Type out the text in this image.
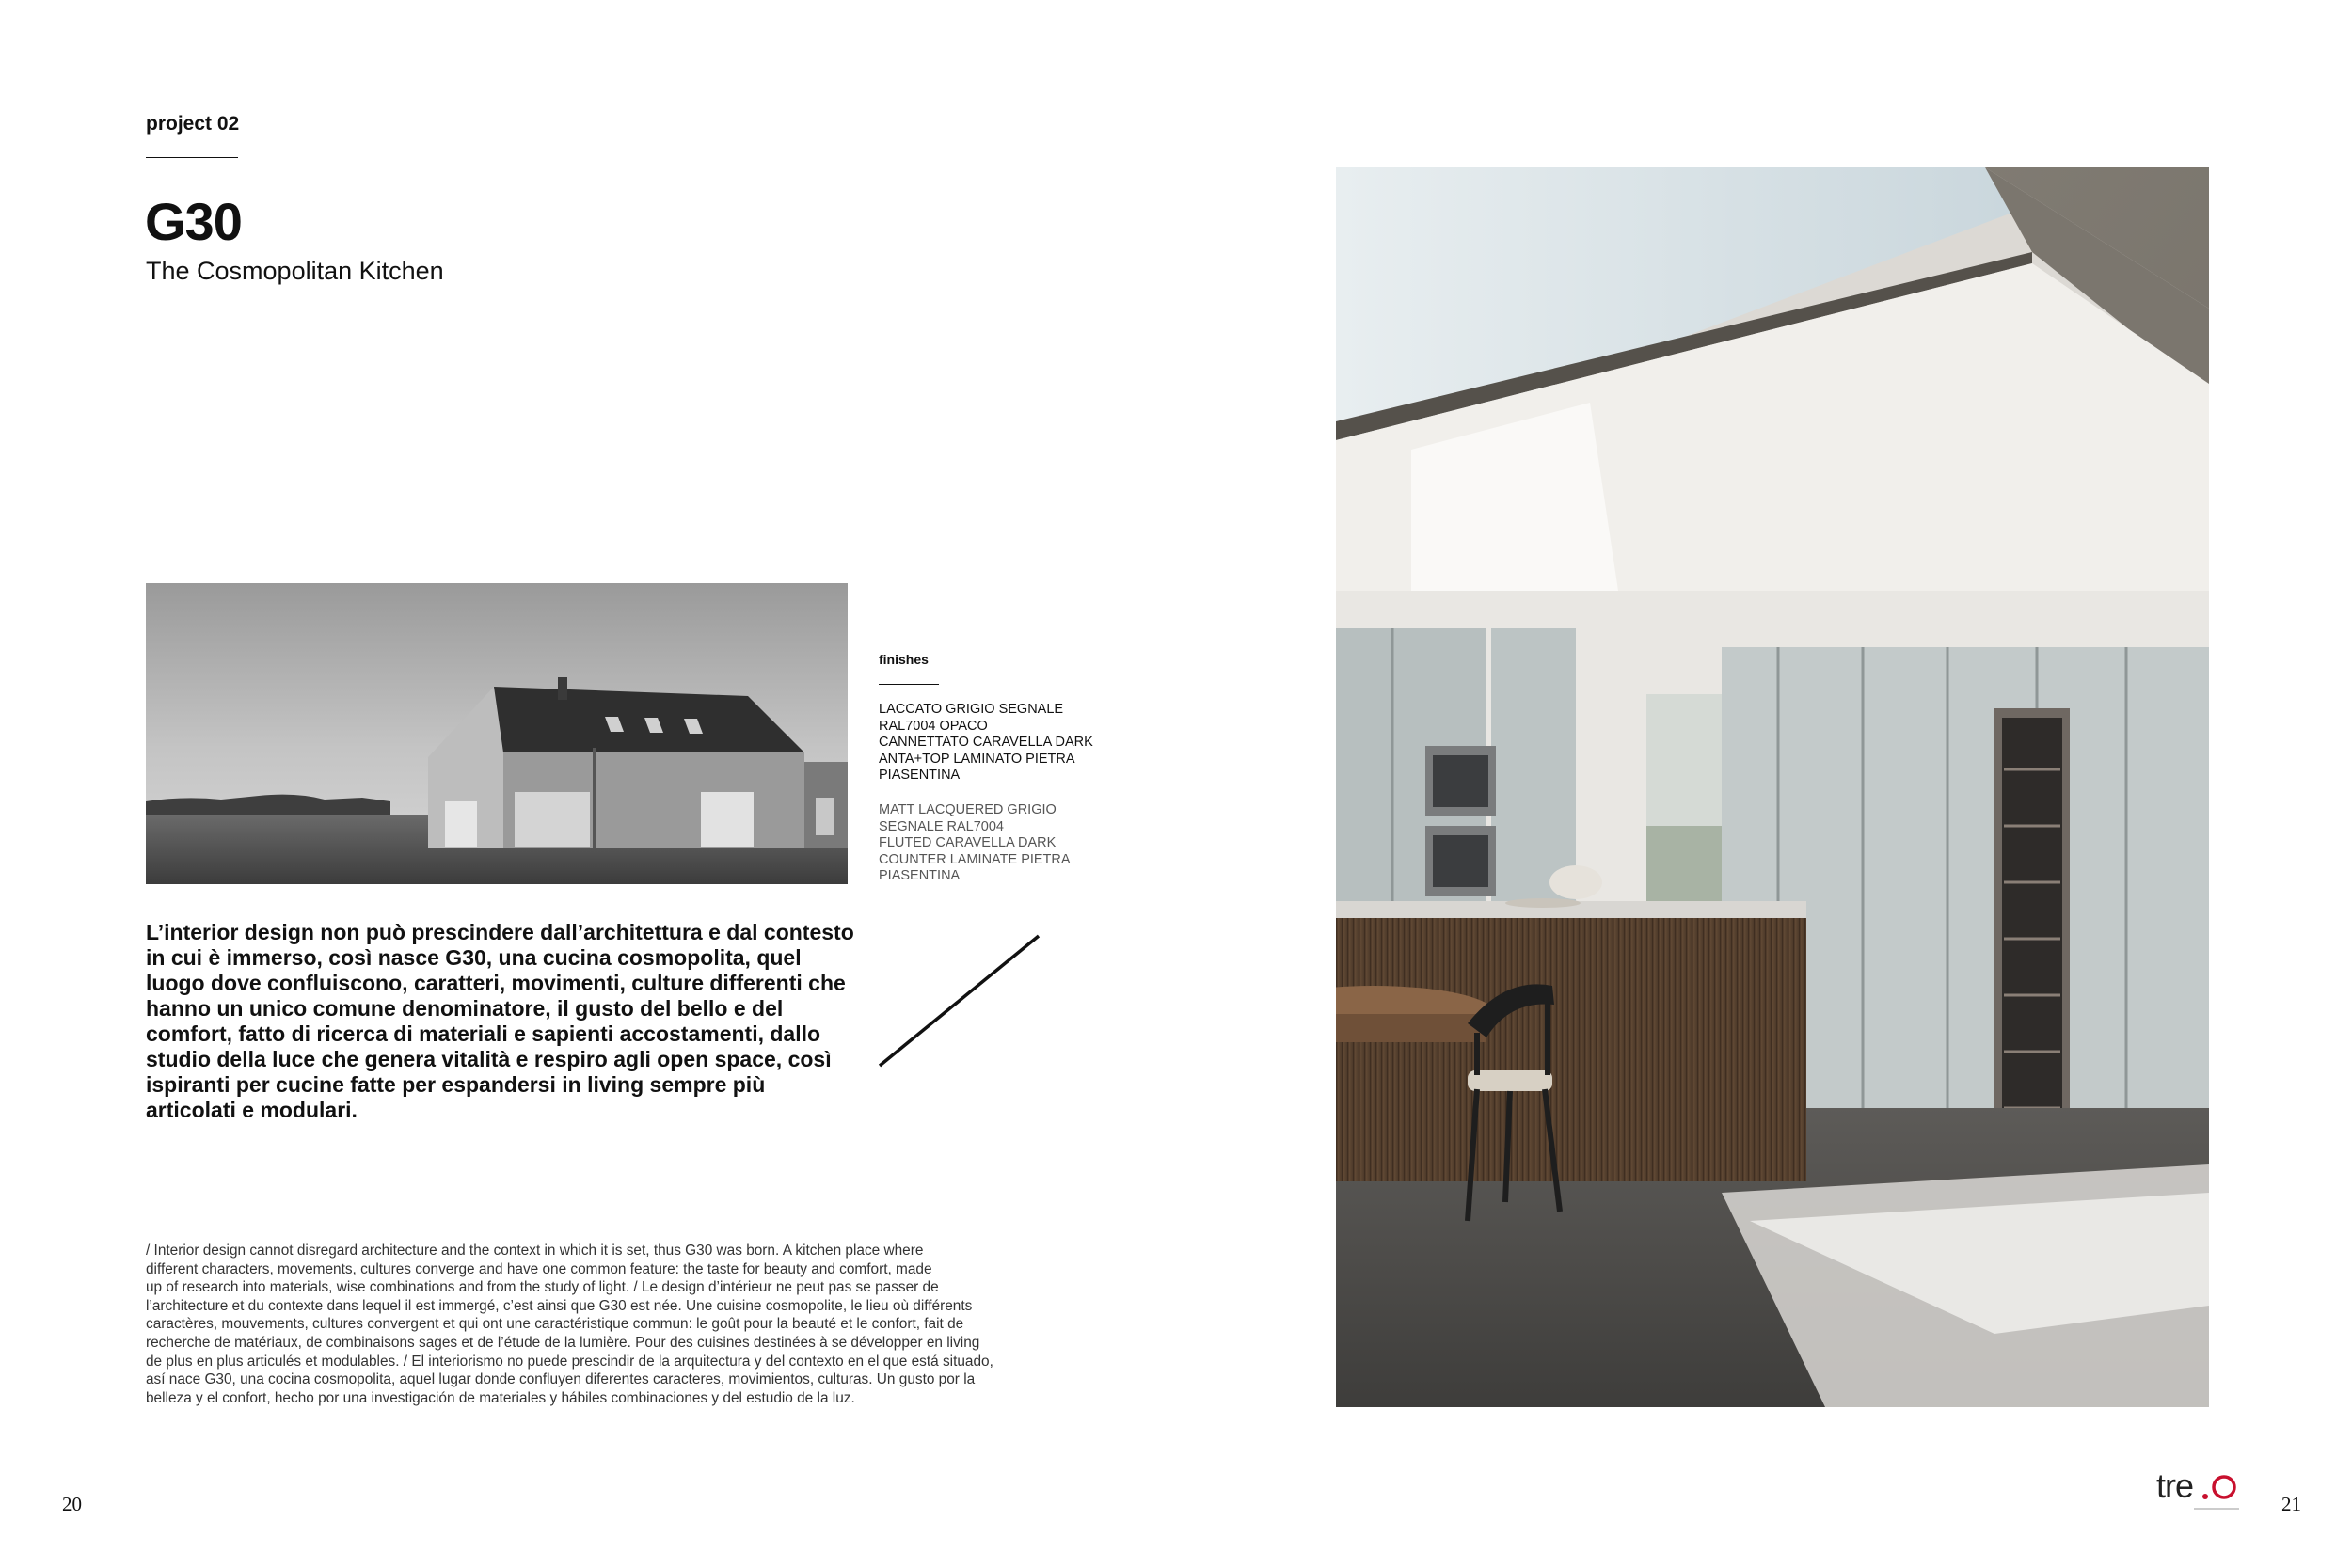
project 02
G30
The Cosmopolitan Kitchen
finishes
LACCATO GRIGIO SEGNALE
RAL7004 OPACO
CANNETTATO CARAVELLA DARK
ANTA+TOP LAMINATO PIETRA
PIASENTINA
MATT LACQUERED GRIGIO
SEGNALE RAL7004
FLUTED CARAVELLA DARK
COUNTER LAMINATE PIETRA
PIASENTINA
L’interior design non può prescindere dall’architettura e dal contesto in cui è immerso, così nasce G30, una cucina cosmopolita, quel luogo dove confluiscono, caratteri, movimenti, culture differenti che hanno un unico comune denominatore, il gusto del bello e del comfort, fatto di ricerca di materiali e sapienti accostamenti, dallo studio della luce che genera vitalità e respiro agli open space, così ispiranti per cucine fatte per espandersi in living sempre più articolati e modulari.
/ Interior design cannot disregard architecture and the context in which it is set, thus G30 was born. A kitchen place where
different characters, movements, cultures converge and have one common feature: the taste for beauty and comfort, made
up of research into materials, wise combinations and from the study of light. / Le design d’intérieur ne peut pas se passer de
l’architecture et du contexte dans lequel il est immergé, c’est ainsi que G30 est née. Une cuisine cosmopolite, le lieu où différents
caractères, mouvements, cultures convergent et qui ont une caractéristique commun: le goût pour la beauté et le confort, fait de
recherche de matériaux, de combinaisons sages et de l’étude de la lumière. Pour des cuisines destinées à se développer en living
de plus en plus articulés et modulables. / El interiorismo no puede prescindir de la arquitectura y del contexto en el que está situado,
así nace G30, una cocina cosmopolita, aquel lugar donde confluyen diferentes caracteres, movimientos, culturas. Un gusto por la
belleza y el confort, hecho por una investigación de materiales y hábiles combinaciones y del estudio de la luz.
20	21
tre
